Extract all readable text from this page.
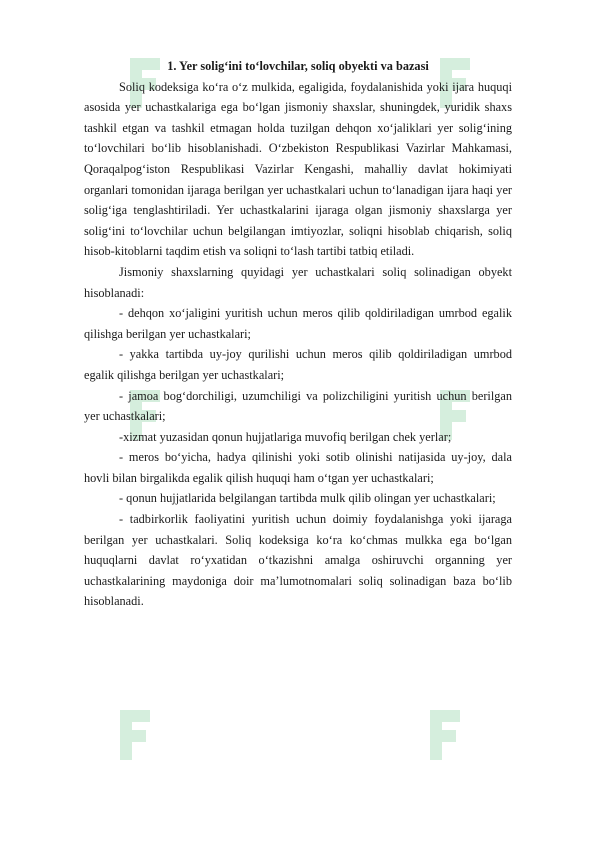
1. Yer solig‘ini to‘lovchilar, soliq obyekti va bazasi

Soliq kodeksiga ko‘ra o‘z mulkida, egaligida, foydalanishida yoki ijara huquqi asosida yer uchastkalariga ega bo‘lgan jismoniy shaxslar, shuningdek, yuridik shaxs tashkil etgan va tashkil etmagan holda tuzilgan dehqon xo‘jaliklari yer solig‘ining to‘lovchilari bo‘lib hisoblanishadi. O‘zbekiston Respublikasi Vazirlar Mahkamasi, Qoraqalpog‘iston Respublikasi Vazirlar Kengashi, mahalliy davlat hokimiyati organlari tomonidan ijaraga berilgan yer uchastkalari uchun to‘lanadigan ijara haqi yer solig‘iga tenglashtiriladi. Yer uchastkalarini ijaraga olgan jismoniy shaxslarga yer solig‘ini to‘lovchilar uchun belgilangan imtiyozlar, soliqni hisoblab chiqarish, soliq hisob-kitoblarni taqdim etish va soliqni to‘lash tartibi tatbiq etiladi.

Jismoniy shaxslarning quyidagi yer uchastkalari soliq solinadigan obyekt hisoblanadi:

- dehqon xo‘jaligini yuritish uchun meros qilib qoldiriladigan umrbod egalik qilishga berilgan yer uchastkalari;

- yakka tartibda uy-joy qurilishi uchun meros qilib qoldiriladigan umrbod egalik qilishga berilgan yer uchastkalari;

- jamoa bog‘dorchiligi, uzumchiligi va polizchiligini yuritish uchun berilgan yer uchastkalari;

-xizmat yuzasidan qonun hujjatlariga muvofiq berilgan chek yerlar;

- meros bo‘yicha, hadya qilinishi yoki sotib olinishi natijasida uy-joy, dala hovli bilan birgalikda egalik qilish huquqi ham o‘tgan yer uchastkalari;

- qonun hujjatlarida belgilangan tartibda mulk qilib olingan yer uchastkalari;

- tadbirkorlik faoliyatini yuritish uchun doimiy foydalanishga yoki ijaraga berilgan yer uchastkalari. Soliq kodeksiga ko‘ra ko‘chmas mulkka ega bo‘lgan huquqlarni davlat ro‘yxatidan o‘tkazishni amalga oshiruvchi organning yer uchastkalarining maydoniga doir ma’lumotnomalari soliq solinadigan baza bo‘lib hisoblanadi.
